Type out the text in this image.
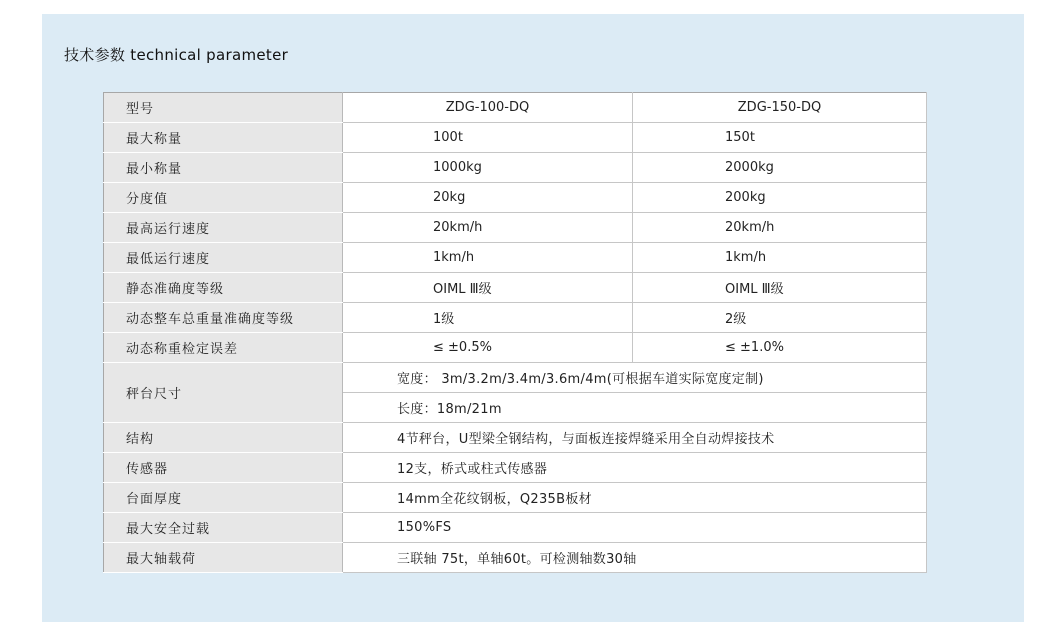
技术参数 technical parameter
型号	ZDG-100-DQ	ZDG-150-DQ
最大称量	100t	150t
最小称量	1000kg	2000kg
分度值	20kg	200kg
最高运行速度	20km/h	20km/h
最低运行速度	1km/h	1km/h
静态准确度等级	OIML Ⅲ级	OIML Ⅲ级
动态整车总重量准确度等级	1级	2级
动态称重检定误差	≤ ±0.5%	≤ ±1.0%
秤台尺寸	宽度： 3m/3.2m/3.4m/3.6m/4m(可根据车道实际宽度定制)	
	长度：18m/21m	
结构	4节秤台，U型梁全钢结构，与面板连接焊缝采用全自动焊接技术	
传感器	12支，桥式或柱式传感器	
台面厚度	14mm全花纹钢板，Q235B板材	
最大安全过载	150%FS	
最大轴载荷	三联轴 75t，单轴60t。可检测轴数30轴	
